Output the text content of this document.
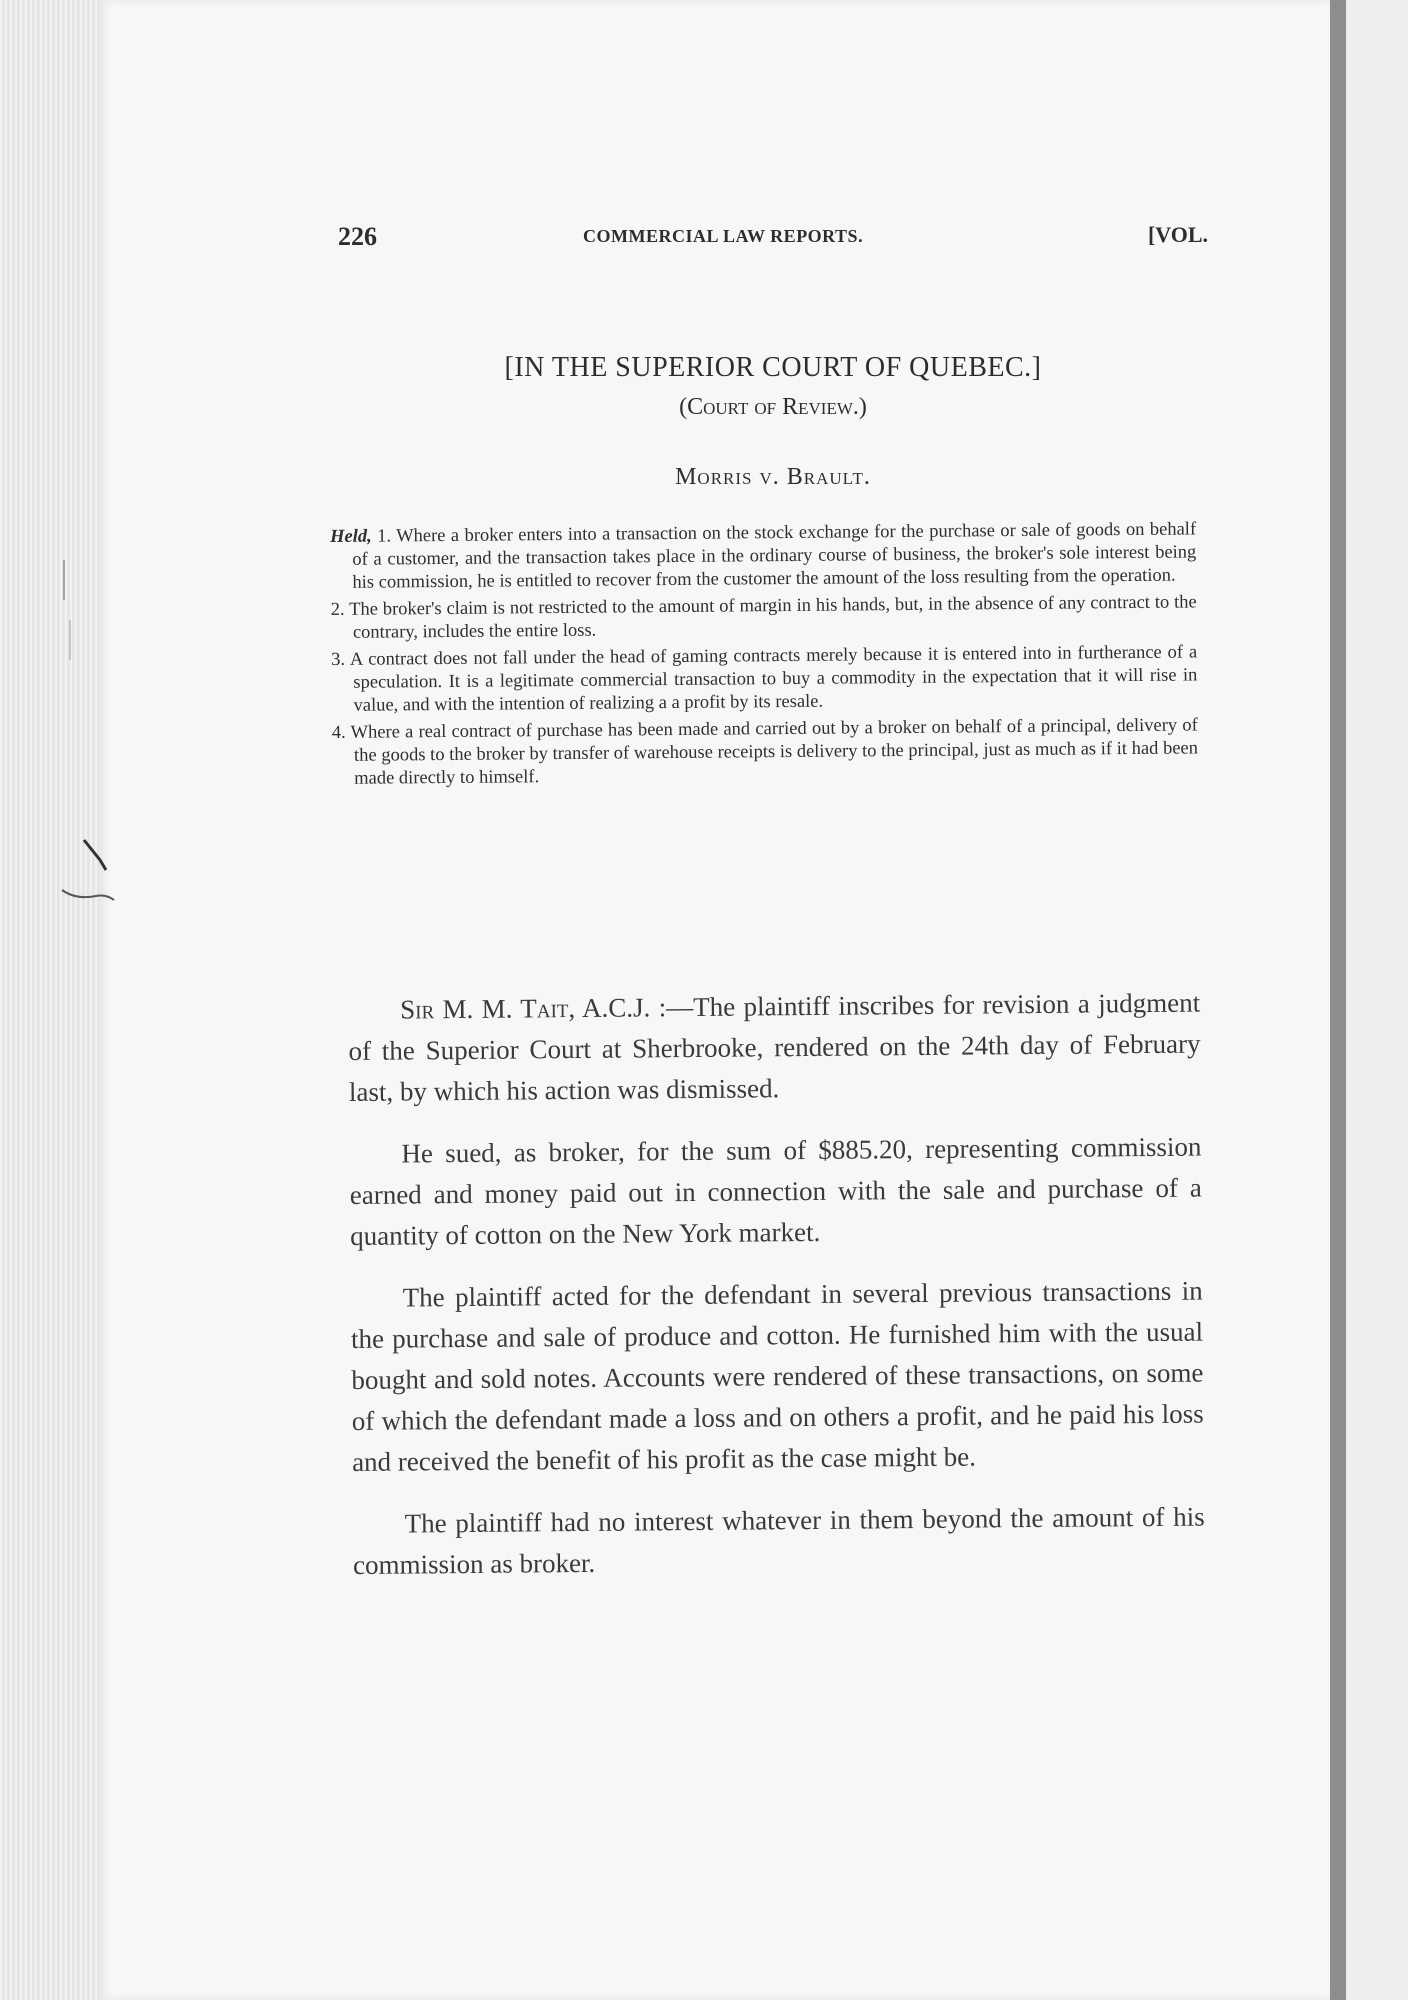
226	COMMERCIAL LAW REPORTS.	[VOL.
[IN THE SUPERIOR COURT OF QUEBEC.]
(Court of Review.)
Morris v. Brault.
Held, 1. Where a broker enters into a transaction on the stock exchange for the purchase or sale of goods on behalf of a customer, and the transaction takes place in the ordinary course of business, the broker's sole interest being his commission, he is entitled to recover from the customer the amount of the loss resulting from the operation.
2. The broker's claim is not restricted to the amount of margin in his hands, but, in the absence of any contract to the contrary, includes the entire loss.
3. A contract does not fall under the head of gaming contracts merely because it is entered into in furtherance of a speculation. It is a legitimate commercial transaction to buy a commodity in the expectation that it will rise in value, and with the intention of realizing a a profit by its resale.
4. Where a real contract of purchase has been made and carried out by a broker on behalf of a principal, delivery of the goods to the broker by transfer of warehouse receipts is delivery to the principal, just as much as if it had been made directly to himself.

Sir M. M. Tait, A.C.J. :—The plaintiff inscribes for revision a judgment of the Superior Court at Sherbrooke, rendered on the 24th day of February last, by which his action was dismissed.

He sued, as broker, for the sum of $885.20, representing commission earned and money paid out in connection with the sale and purchase of a quantity of cotton on the New York market.

The plaintiff acted for the defendant in several previous transactions in the purchase and sale of produce and cotton. He furnished him with the usual bought and sold notes. Accounts were rendered of these transactions, on some of which the defendant made a loss and on others a profit, and he paid his loss and received the benefit of his profit as the case might be.

The plaintiff had no interest whatever in them beyond the amount of his commission as broker.
